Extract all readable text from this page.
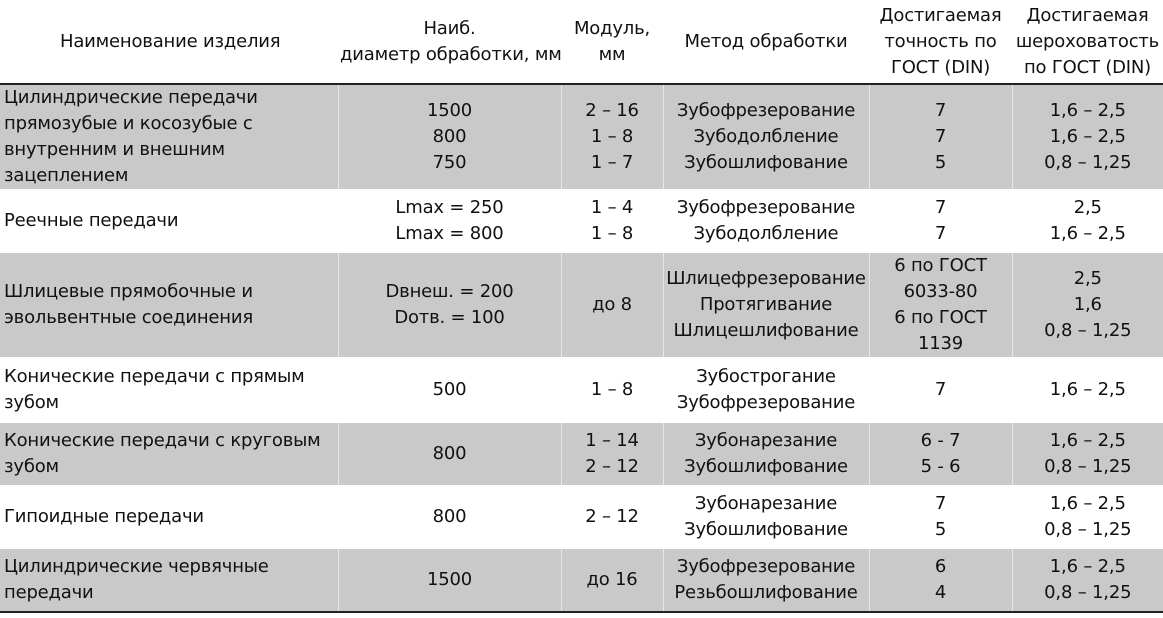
Наименование изделия	Наиб.
диаметр обработки, мм	Модуль,
мм	Метод обработки	Достигаемая
точность по
ГОСТ (DIN)	Достигаемая
шероховатость
по ГОСТ (DIN)

Цилиндрические передачи
прямозубые и косозубые с
внутренним и внешним
зацеплением	1500
800
750	2 – 16
1 – 8
1 – 7	Зубофрезерование
Зубодолбление
Зубошлифование	7
7
5	1,6 – 2,5
1,6 – 2,5
0,8 – 1,25

Реечные передачи	Lmax = 250
Lmax = 800	1 – 4
1 – 8	Зубофрезерование
Зубодолбление	7
7	2,5
1,6 – 2,5

Шлицевые прямобочные и
эвольвентные соединения	Dвнеш. = 200
Dотв. = 100	до 8	Шлицефрезерование
Протягивание
Шлицешлифование	6 по ГОСТ
6033-80
6 по ГОСТ
1139	2,5
1,6
0,8 – 1,25

Конические передачи с прямым
зубом	500	1 – 8	Зубострогание
Зубофрезерование	7	1,6 – 2,5

Конические передачи с круговым
зубом	800	1 – 14
2 – 12	Зубонарезание
Зубошлифование	6 - 7
5 - 6	1,6 – 2,5
0,8 – 1,25

Гипоидные передачи	800	2 – 12	Зубонарезание
Зубошлифование	7
5	1,6 – 2,5
0,8 – 1,25

Цилиндрические червячные
передачи	1500	до 16	Зубофрезерование
Резьбошлифование	6
4	1,6 – 2,5
0,8 – 1,25
